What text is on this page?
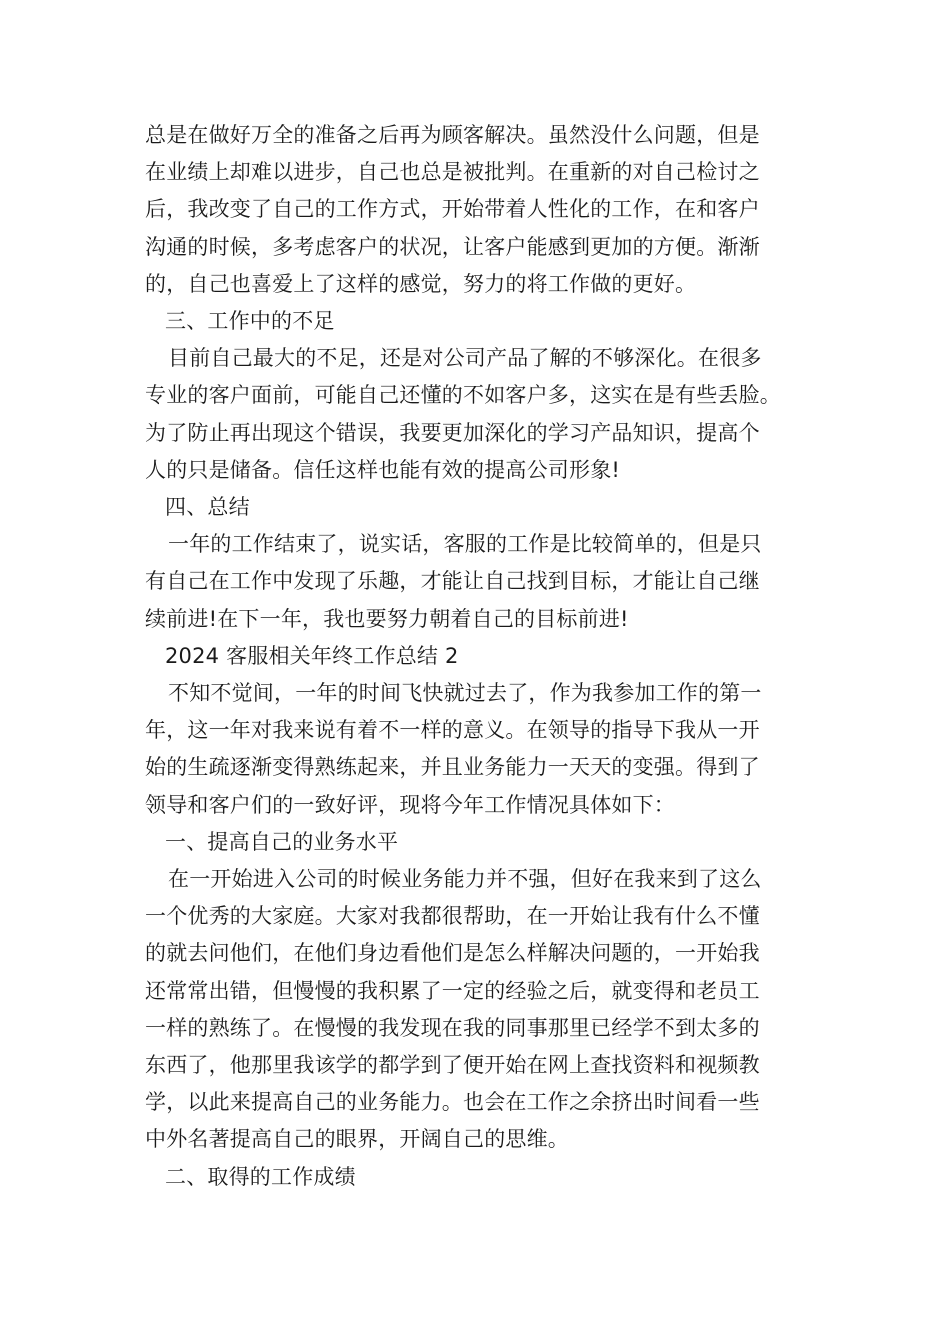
总是在做好万全的准备之后再为顾客解决。虽然没什么问题，但是
在业绩上却难以进步，自己也总是被批判。在重新的对自己检讨之
后，我改变了自己的工作方式，开始带着人性化的工作，在和客户
沟通的时候，多考虑客户的状况，让客户能感到更加的方便。渐渐
的，自己也喜爱上了这样的感觉，努力的将工作做的更好。
三、工作中的不足
目前自己最大的不足，还是对公司产品了解的不够深化。在很多
专业的客户面前，可能自己还懂的不如客户多，这实在是有些丢脸。
为了防止再出现这个错误，我要更加深化的学习产品知识，提高个
人的只是储备。信任这样也能有效的提高公司形象!
四、总结
一年的工作结束了，说实话，客服的工作是比较简单的，但是只
有自己在工作中发现了乐趣，才能让自己找到目标，才能让自己继
续前进!在下一年，我也要努力朝着自己的目标前进!
2024 客服相关年终工作总结 2
不知不觉间，一年的时间飞快就过去了，作为我参加工作的第一
年，这一年对我来说有着不一样的意义。在领导的指导下我从一开
始的生疏逐渐变得熟练起来，并且业务能力一天天的变强。得到了
领导和客户们的一致好评，现将今年工作情况具体如下：
一、提高自己的业务水平
在一开始进入公司的时候业务能力并不强，但好在我来到了这么
一个优秀的大家庭。大家对我都很帮助，在一开始让我有什么不懂
的就去问他们，在他们身边看他们是怎么样解决问题的，一开始我
还常常出错，但慢慢的我积累了一定的经验之后，就变得和老员工
一样的熟练了。在慢慢的我发现在我的同事那里已经学不到太多的
东西了，他那里我该学的都学到了便开始在网上查找资料和视频教
学，以此来提高自己的业务能力。也会在工作之余挤出时间看一些
中外名著提高自己的眼界，开阔自己的思维。
二、取得的工作成绩
